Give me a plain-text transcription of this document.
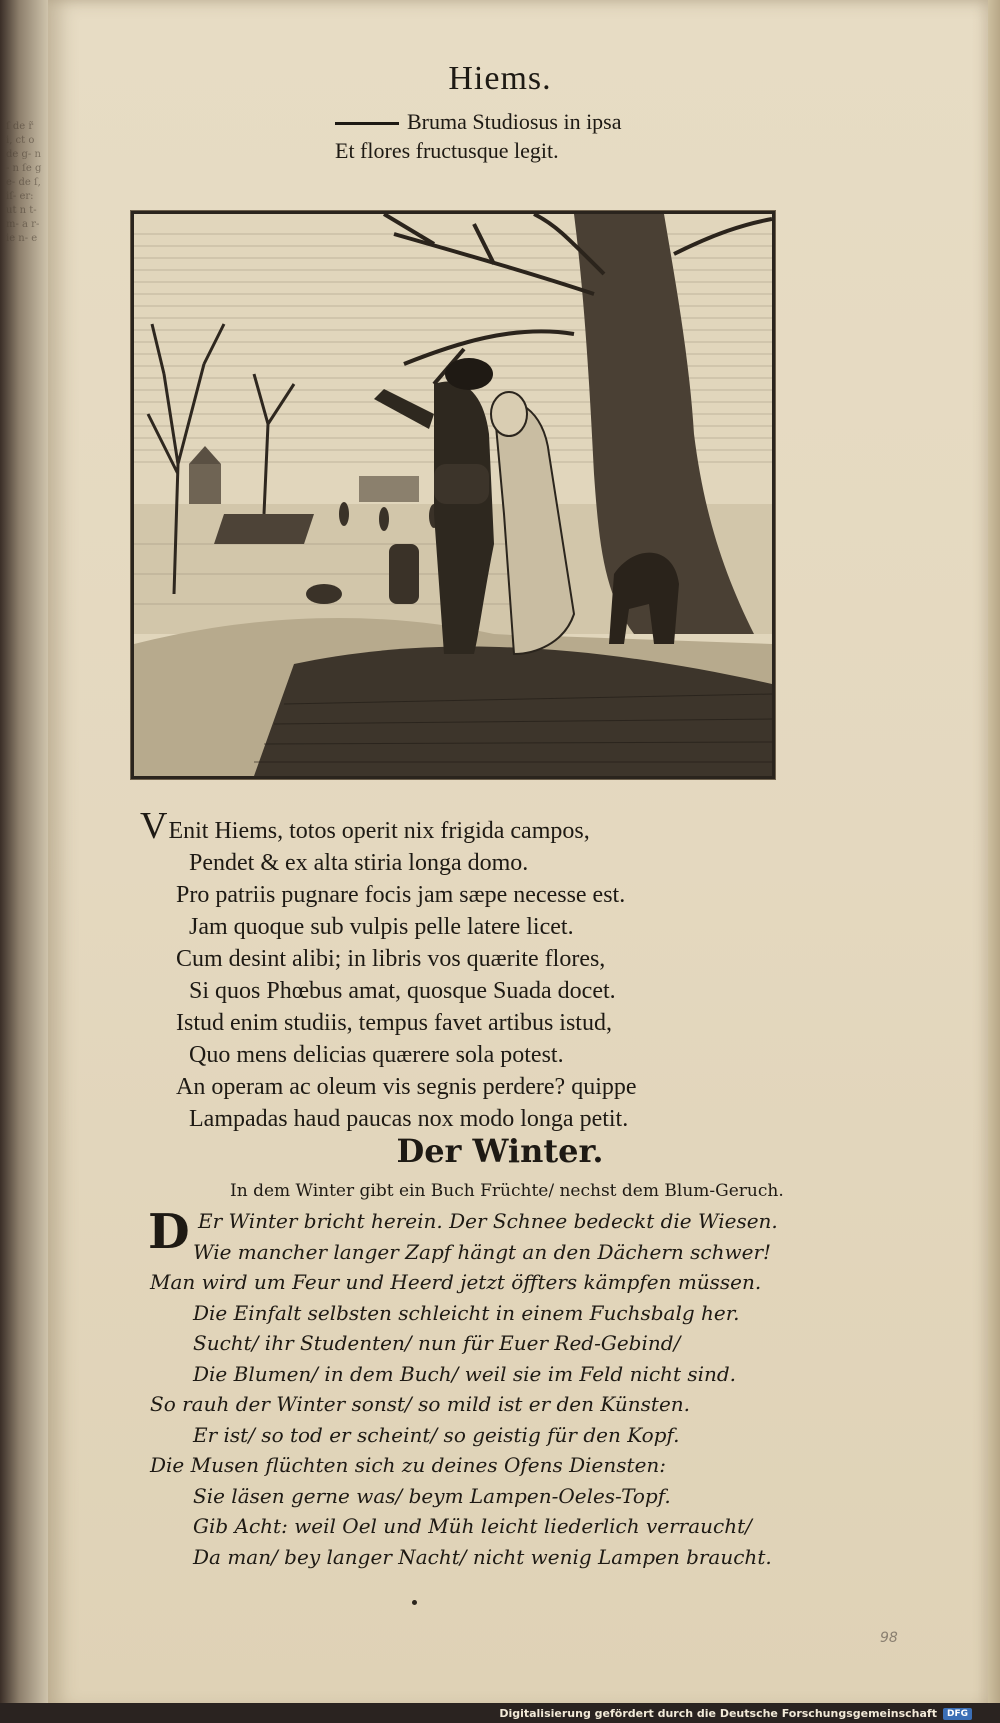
ſ de r̃ i, ct o de g- n- n ſe ge- de ſ, iſ- er: ut n t- m- a r- ie n- e
Hiems.
Bruma Studiosus in ipsa
Et flores fructusque legit.
VEnit Hiems, totos operit nix frigida campos,
Pendet & ex alta stiria longa domo.
Pro patriis pugnare focis jam sæpe necesse est.
Jam quoque sub vulpis pelle latere licet.
Cum desint alibi; in libris vos quærite flores,
Si quos Phœbus amat, quosque Suada docet.
Istud enim studiis, tempus favet artibus istud,
Quo mens delicias quærere sola potest.
An operam ac oleum vis segnis perdere? quippe
Lampadas haud paucas nox modo longa petit.
Der Winter.
In dem Winter gibt ein Buch Früchte/ nechst dem Blum-Geruch.
D Er Winter bricht herein. Der Schnee bedeckt die Wiesen.
Wie mancher langer Zapf hängt an den Dächern schwer!
Man wird um Feur und Heerd jetzt öffters kämpfen müssen.
Die Einfalt selbsten schleicht in einem Fuchsbalg her.
Sucht/ ihr Studenten/ nun für Euer Red-Gebind/
Die Blumen/ in dem Buch/ weil sie im Feld nicht sind.
So rauh der Winter sonst/ so mild ist er den Künsten.
Er ist/ so tod er scheint/ so geistig für den Kopf.
Die Musen flüchten sich zu deines Ofens Diensten:
Sie läsen gerne was/ beym Lampen-Oeles-Topf.
Gib Acht: weil Oel und Müh leicht liederlich verraucht/
Da man/ bey langer Nacht/ nicht wenig Lampen braucht.
98
Digitalisierung gefördert durch die Deutsche Forschungsgemeinschaft	DFG
